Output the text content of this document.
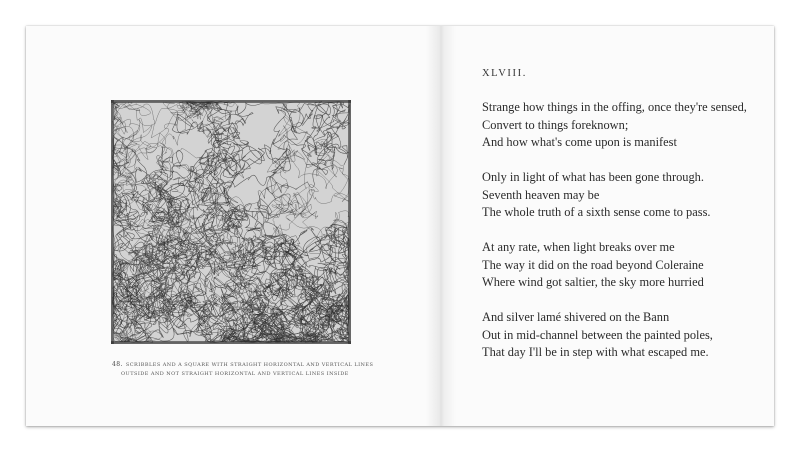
48. SCRIBBLES AND A SQUARE WITH STRAIGHT HORIZONTAL AND VERTICAL LINES
OUTSIDE AND NOT STRAIGHT HORIZONTAL AND VERTICAL LINES INSIDE
XLVIII.
Strange how things in the offing, once they're sensed,
Convert to things foreknown;
And how what's come upon is manifest
Only in light of what has been gone through.
Seventh heaven may be
The whole truth of a sixth sense come to pass.
At any rate, when light breaks over me
The way it did on the road beyond Coleraine
Where wind got saltier, the sky more hurried
And silver lamé shivered on the Bann
Out in mid-channel between the painted poles,
That day I'll be in step with what escaped me.
